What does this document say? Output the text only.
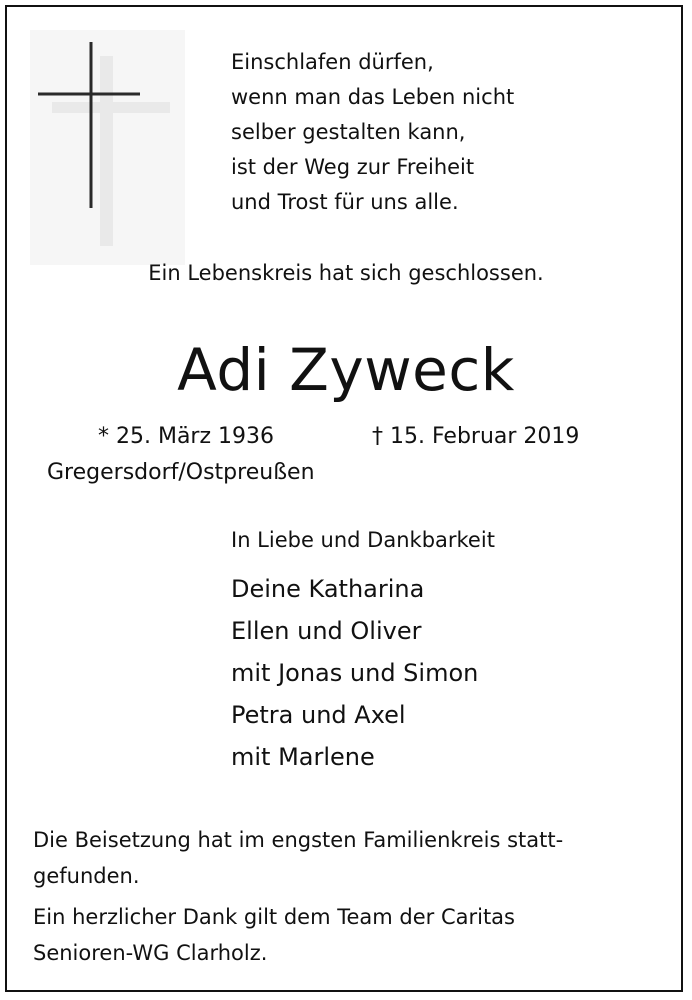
Einschlafen dürfen,
wenn man das Leben nicht
selber gestalten kann,
ist der Weg zur Freiheit
und Trost für uns alle.
Ein Lebenskreis hat sich geschlossen.
Adi Zyweck
* 25. März 1936	† 15. Februar 2019
Gregersdorf/Ostpreußen
In Liebe und Dankbarkeit
Deine Katharina
Ellen und Oliver
mit Jonas und Simon
Petra und Axel
mit Marlene
Die Beisetzung hat im engsten Familienkreis statt-
gefunden.
Ein herzlicher Dank gilt dem Team der Caritas
Senioren-WG Clarholz.
